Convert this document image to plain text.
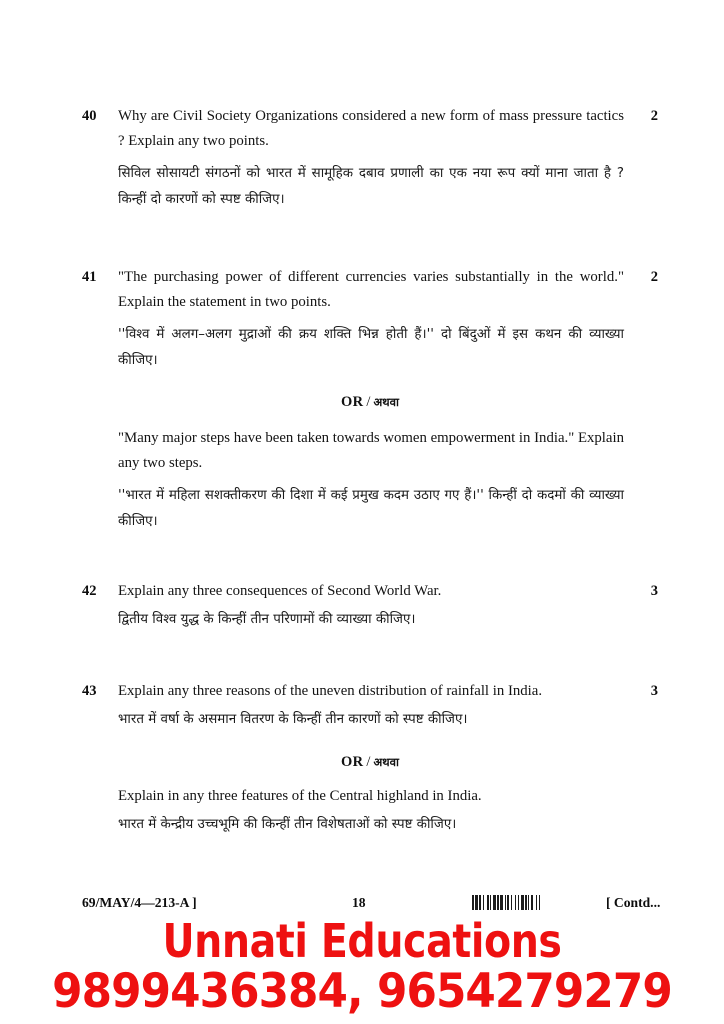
40	Why are Civil Society Organizations considered a new form of mass pressure tactics ? Explain any two points.

सिविल सोसायटी संगठनों को भारत में सामूहिक दबाव प्रणाली का एक नया रूप क्यों माना जाता है ? किन्हीं दो कारणों को स्पष्ट कीजिए।

2
41	"The purchasing power of different currencies varies substantially in the world." Explain the statement in two points.

''विश्व में अलग–अलग मुद्राओं की क्रय शक्ति भिन्न होती हैं।'' दो बिंदुओं में इस कथन की व्याख्या कीजिए।

2
OR / अथवा

"Many major steps have been taken towards women empowerment in India." Explain any two steps.

''भारत में महिला सशक्तीकरण की दिशा में कई प्रमुख कदम उठाए गए हैं।'' किन्हीं दो कदमों की व्याख्या कीजिए।

42	Explain any three consequences of Second World War.

द्वितीय विश्व युद्ध के किन्हीं तीन परिणामों की व्याख्या कीजिए।

3
43	Explain any three reasons of the uneven distribution of rainfall in India.

भारत में वर्षा के असमान वितरण के किन्हीं तीन कारणों को स्पष्ट कीजिए।

3
OR / अथवा

Explain in any three features of the Central highland in India.

भारत में केन्द्रीय उच्चभूमि की किन्हीं तीन विशेषताओं को स्पष्ट कीजिए।

69/MAY/4—213-A ]	18	[ Contd...
Unnati Educations
9899436384, 9654279279
